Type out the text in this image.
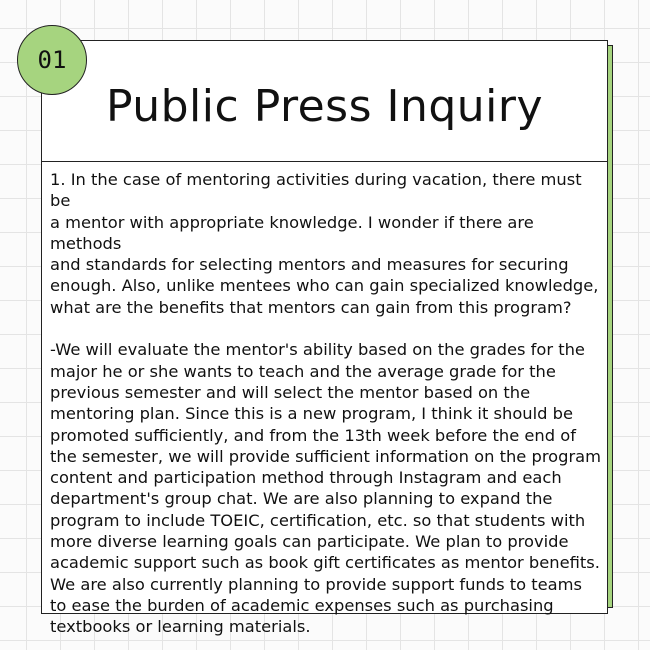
Public Press Inquiry

1. In the case of mentoring activities during vacation, there must be
a mentor with appropriate knowledge. I wonder if there are methods
and standards for selecting mentors and measures for securing
enough. Also, unlike mentees who can gain specialized knowledge,
what are the benefits that mentors can gain from this program?

-We will evaluate the mentor's ability based on the grades for the
major he or she wants to teach and the average grade for the
previous semester and will select the mentor based on the
mentoring plan. Since this is a new program, I think it should be
promoted sufficiently, and from the 13th week before the end of
the semester, we will provide sufficient information on the program
content and participation method through Instagram and each
department's group chat. We are also planning to expand the
program to include TOEIC, certification, etc. so that students with
more diverse learning goals can participate. We plan to provide
academic support such as book gift certificates as mentor benefits.
We are also currently planning to provide support funds to teams
to ease the burden of academic expenses such as purchasing
textbooks or learning materials.

01
